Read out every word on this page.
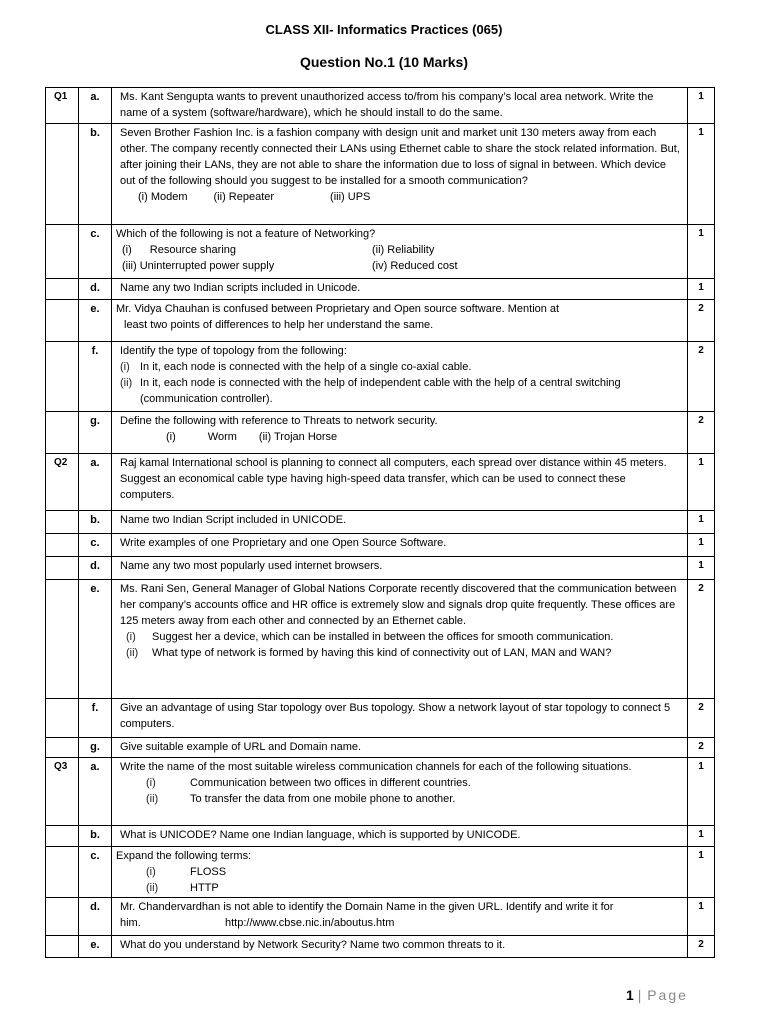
CLASS XII- Informatics Practices (065)
Question No.1 (10 Marks)
Q1	a.	Ms. Kant Sengupta wants to prevent unauthorized access to/from his company’s local area network. Write the name of a system (software/hardware), which he should install to do the same.	1
	b.	Seven Brother Fashion Inc. is a fashion company with design unit and market unit 130 meters away from each other. The company recently connected their LANs using Ethernet cable to share the stock related information. But, after joining their LANs, they are not able to share the information due to loss of signal in between. Which device out of the following should you suggest to be installed for a smooth communication?
(i) Modem (ii) Repeater (iii) UPS	1
	c.	Which of the following is not a feature of Networking?
(i) Resource sharing (ii) Reliability
(iii) Uninterrupted power supply (iv) Reduced cost	1
	d.	Name any two Indian scripts included in Unicode.	1
	e.	Mr. Vidya Chauhan is confused between Proprietary and Open source software. Mention at
least two points of differences to help her understand the same.	2
	f.	Identify the type of topology from the following:
(i) In it, each node is connected with the help of a single co-axial cable.
(ii) In it, each node is connected with the help of independent cable with the help of a central switching (communication controller).	2
	g.	Define the following with reference to Threats to network security.
(i) Worm (ii) Trojan Horse	2
Q2	a.	Raj kamal International school is planning to connect all computers, each spread over distance within 45 meters. Suggest an economical cable type having high-speed data transfer, which can be used to connect these computers.	1
	b.	Name two Indian Script included in UNICODE.	1
	c.	Write examples of one Proprietary and one Open Source Software.	1
	d.	Name any two most popularly used internet browsers.	1
	e.	Ms. Rani Sen, General Manager of Global Nations Corporate recently discovered that the communication between her company’s accounts office and HR office is extremely slow and signals drop quite frequently. These offices are 125 meters away from each other and connected by an Ethernet cable.
(i) Suggest her a device, which can be installed in between the offices for smooth communication.
(ii) What type of network is formed by having this kind of connectivity out of LAN, MAN and WAN?	2
	f.	Give an advantage of using Star topology over Bus topology. Show a network layout of star topology to connect 5 computers.	2
	g.	Give suitable example of URL and Domain name.	2
Q3	a.	Write the name of the most suitable wireless communication channels for each of the following situations.
(i) Communication between two offices in different countries.
(ii) To transfer the data from one mobile phone to another.	1
	b.	What is UNICODE? Name one Indian language, which is supported by UNICODE.	1
	c.	Expand the following terms:
(i) FLOSS
(ii) HTTP	1
	d.	Mr. Chandervardhan is not able to identify the Domain Name in the given URL. Identify and write it for
him. http://www.cbse.nic.in/aboutus.htm	1
	e.	What do you understand by Network Security? Name two common threats to it.	2
1 | Page
